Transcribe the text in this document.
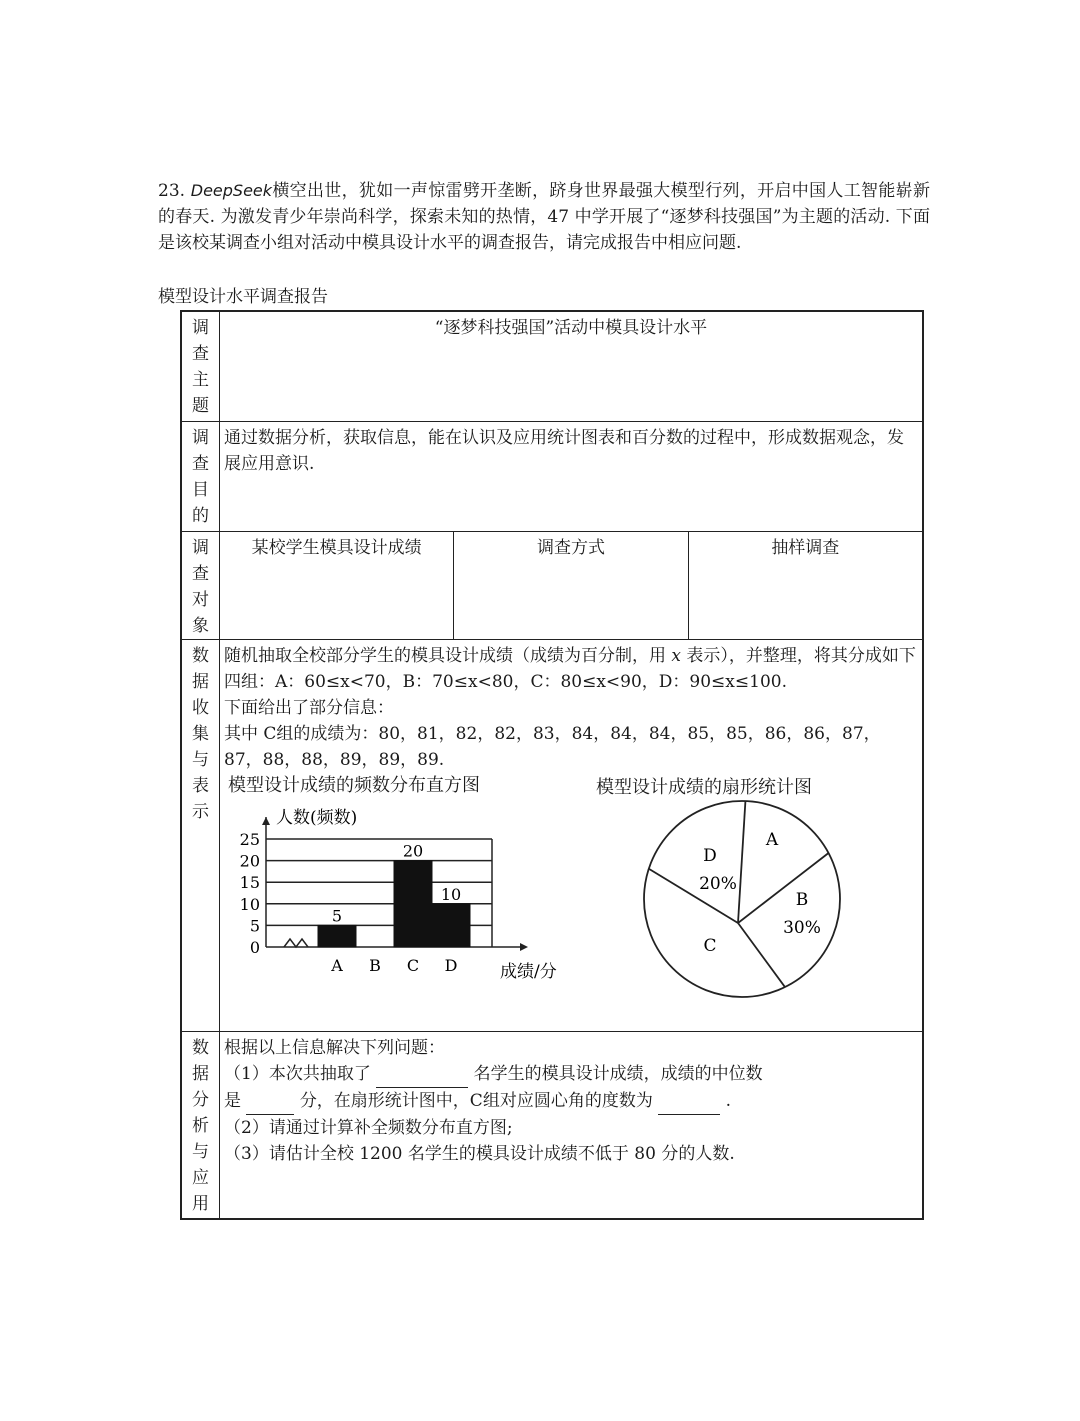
23. DeepSeek横空出世，犹如一声惊雷劈开垄断，跻身世界最强大模型行列，开启中国人工智能崭新的春天. 为激发青少年崇尚科学，探索未知的热情，47 中学开展了“逐梦科技强国”为主题的活动. 下面是该校某调查小组对活动中模具设计水平的调查报告，请完成报告中相应问题.
模型设计水平调查报告
调
查
主
题
“逐梦科技强国”活动中模具设计水平
调
查
目
的
通过数据分析，获取信息，能在认识及应用统计图表和百分数的过程中，形成数据观念，发展应用意识.
调
查
对
象
某校学生模具设计成绩	调查方式	抽样调查
数
据
收
集
与
表
示
随机抽取全校部分学生的模具设计成绩（成绩为百分制，用 x 表示），并整理，将其分成如下四组：A：60≤x<70，B：70≤x<80，C：80≤x<90，D：90≤x≤100.
下面给出了部分信息：
其中 C组的成绩为：80，81，82，82，83，84，84，84，85，85，86，86，87，87，88，88，89，89，89.
模型设计成绩的频数分布直方图	模型设计成绩的扇形统计图
0
5
10
15
20
25
人数(频数)
成绩/分
5
A B
20
C
10
D
A
B
30%
C
D
20%
数
据
分
析
与
应
用
根据以上信息解决下列问题：
（1）本次共抽取了	名学生的模具设计成绩，成绩的中位数
是	分，在扇形统计图中，C组对应圆心角的度数为	.
（2）请通过计算补全频数分布直方图;
（3）请估计全校 1200 名学生的模具设计成绩不低于 80 分的人数.
